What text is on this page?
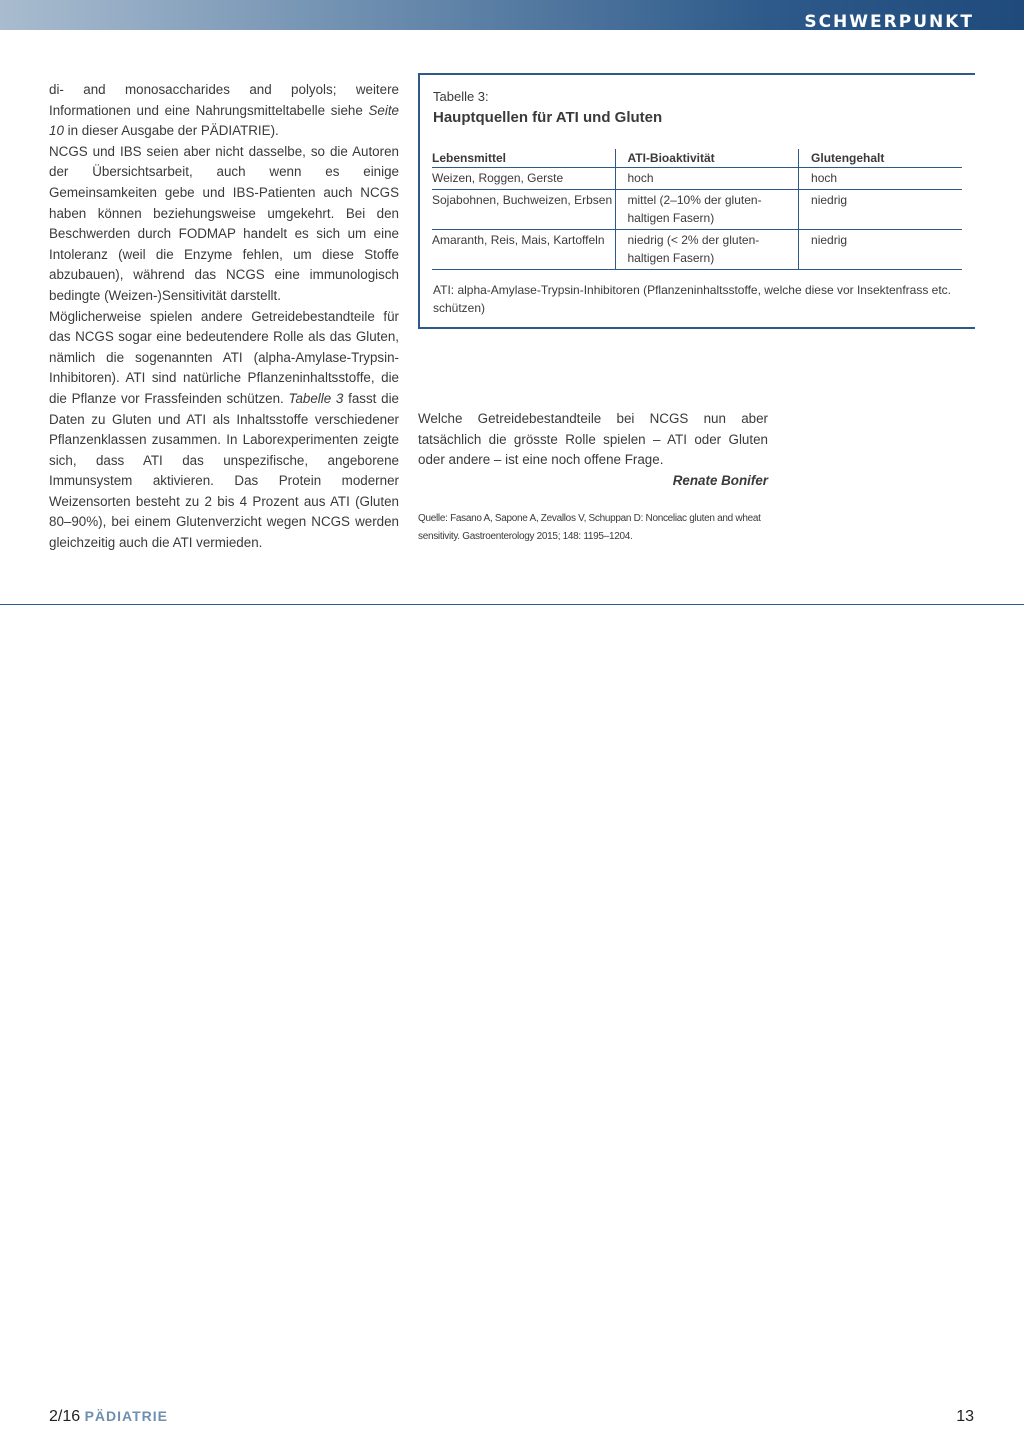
SCHWERPUNKT

di- and monosaccharides and polyols; weitere Informationen und eine Nahrungsmitteltabelle siehe Seite 10 in dieser Ausgabe der PÄDIATRIE).

NCGS und IBS seien aber nicht dasselbe, so die Autoren der Übersichtsarbeit, auch wenn es einige Gemeinsamkeiten gebe und IBS-Patienten auch NCGS haben können beziehungsweise umgekehrt. Bei den Beschwerden durch FODMAP handelt es sich um eine Intoleranz (weil die Enzyme fehlen, um diese Stoffe abzubauen), während das NCGS eine immunologisch bedingte (Weizen-)Sensitivität darstellt.

Möglicherweise spielen andere Getreidebestandteile für das NCGS sogar eine bedeutendere Rolle als das Gluten, nämlich die sogenannten ATI (alpha-Amylase-Trypsin-Inhibitoren). ATI sind natürliche Pflanzeninhaltsstoffe, die die Pflanze vor Frassfeinden schützen. Tabelle 3 fasst die Daten zu Gluten und ATI als Inhaltsstoffe verschiedener Pflanzenklassen zusammen. In Laborexperimenten zeigte sich, dass ATI das unspezifische, angeborene Immunsystem aktivieren. Das Protein moderner Weizensorten besteht zu 2 bis 4 Prozent aus ATI (Gluten 80–90%), bei einem Glutenverzicht wegen NCGS werden gleichzeitig auch die ATI vermieden.

Tabelle 3:
Hauptquellen für ATI und Gluten
Lebensmittel	ATI-Bioaktivität	Glutengehalt
Weizen, Roggen, Gerste	hoch	hoch
Sojabohnen, Buchweizen, Erbsen	mittel (2–10% der gluten-haltigen Fasern)	niedrig
Amaranth, Reis, Mais, Kartoffeln	niedrig (< 2% der gluten-haltigen Fasern)	niedrig
ATI: alpha-Amylase-Trypsin-Inhibitoren (Pflanzeninhaltsstoffe, welche diese vor Insektenfrass etc. schützen)

Welche Getreidebestandteile bei NCGS nun aber tatsächlich die grösste Rolle spielen – ATI oder Gluten oder andere – ist eine noch offene Frage.

Renate Bonifer

Quelle: Fasano A, Sapone A, Zevallos V, Schuppan D: Nonceliac gluten and wheat sensitivity. Gastroenterology 2015; 148: 1195–1204.
2/16 PÄDIATRIE	13
